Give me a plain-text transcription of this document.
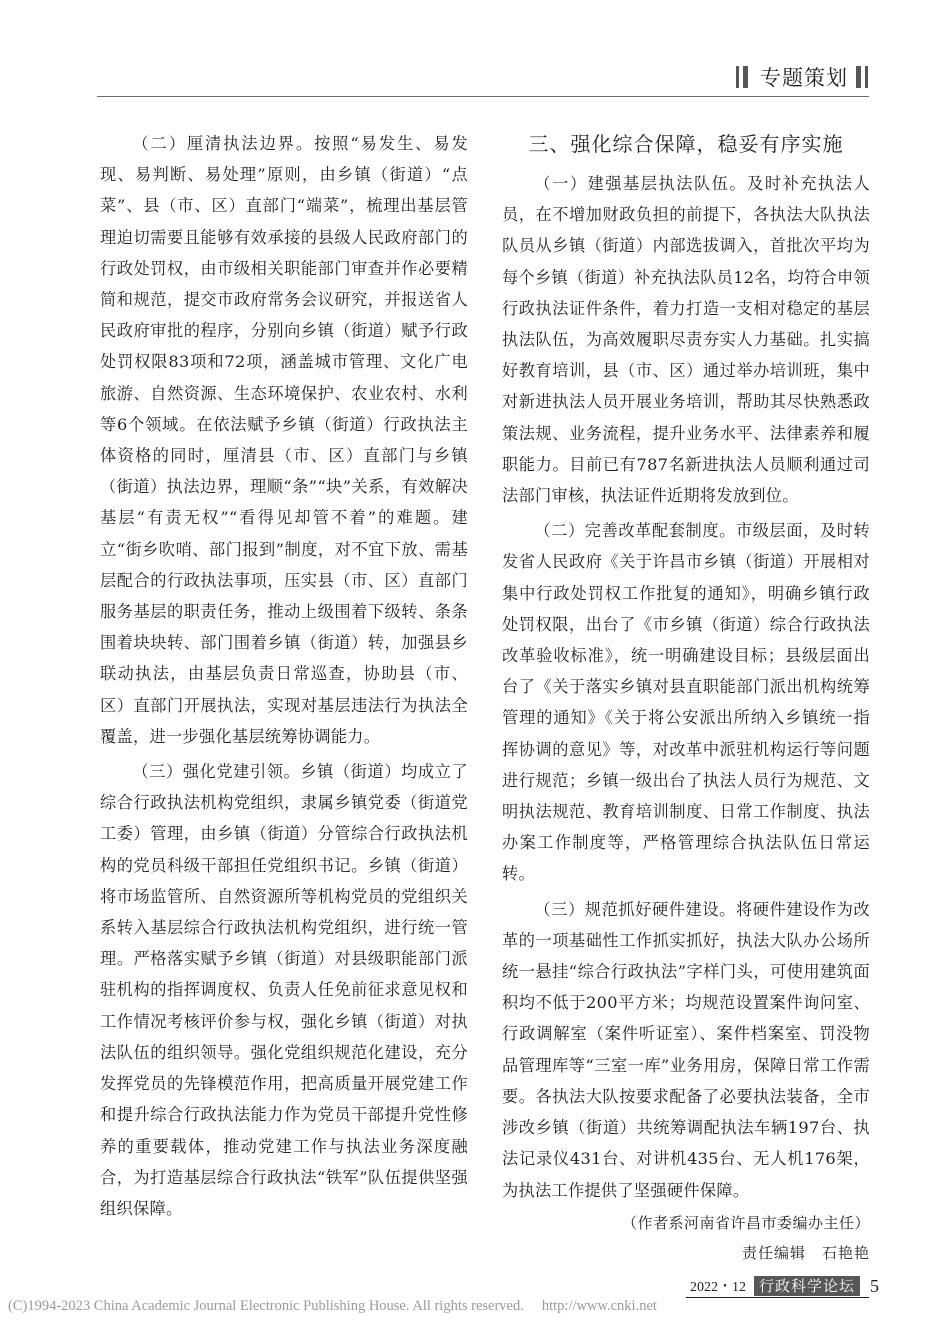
专题策划

（二）厘清执法边界。按照“易发生、易发现、易判断、易处理”原则，由乡镇（街道）“点菜”、县（市、区）直部门“端菜”，梳理出基层管理迫切需要且能够有效承接的县级人民政府部门的行政处罚权，由市级相关职能部门审查并作必要精简和规范，提交市政府常务会议研究，并报送省人民政府审批的程序，分别向乡镇（街道）赋予行政处罚权限83项和72项，涵盖城市管理、文化广电旅游、自然资源、生态环境保护、农业农村、水利等6个领域。在依法赋予乡镇（街道）行政执法主体资格的同时，厘清县（市、区）直部门与乡镇（街道）执法边界，理顺“条”“块”关系，有效解决基层“有责无权”“看得见却管不着”的难题。建立“街乡吹哨、部门报到”制度，对不宜下放、需基层配合的行政执法事项，压实县（市、区）直部门服务基层的职责任务，推动上级围着下级转、条条围着块块转、部门围着乡镇（街道）转，加强县乡联动执法，由基层负责日常巡查，协助县（市、区）直部门开展执法，实现对基层违法行为执法全覆盖，进一步强化基层统筹协调能力。

（三）强化党建引领。乡镇（街道）均成立了综合行政执法机构党组织，隶属乡镇党委（街道党工委）管理，由乡镇（街道）分管综合行政执法机构的党员科级干部担任党组织书记。乡镇（街道）将市场监管所、自然资源所等机构党员的党组织关系转入基层综合行政执法机构党组织，进行统一管理。严格落实赋予乡镇（街道）对县级职能部门派驻机构的指挥调度权、负责人任免前征求意见权和工作情况考核评价参与权，强化乡镇（街道）对执法队伍的组织领导。强化党组织规范化建设，充分发挥党员的先锋模范作用，把高质量开展党建工作和提升综合行政执法能力作为党员干部提升党性修养的重要载体，推动党建工作与执法业务深度融合，为打造基层综合行政执法“铁军”队伍提供坚强组织保障。

三、强化综合保障，稳妥有序实施

（一）建强基层执法队伍。及时补充执法人员，在不增加财政负担的前提下，各执法大队执法队员从乡镇（街道）内部选拔调入，首批次平均为每个乡镇（街道）补充执法队员12名，均符合申领行政执法证件条件，着力打造一支相对稳定的基层执法队伍，为高效履职尽责夯实人力基础。扎实搞好教育培训，县（市、区）通过举办培训班，集中对新进执法人员开展业务培训，帮助其尽快熟悉政策法规、业务流程，提升业务水平、法律素养和履职能力。目前已有787名新进执法人员顺利通过司法部门审核，执法证件近期将发放到位。

（二）完善改革配套制度。市级层面，及时转发省人民政府《关于许昌市乡镇（街道）开展相对集中行政处罚权工作批复的通知》，明确乡镇行政处罚权限，出台了《市乡镇（街道）综合行政执法改革验收标准》，统一明确建设目标；县级层面出台了《关于落实乡镇对县直职能部门派出机构统筹管理的通知》《关于将公安派出所纳入乡镇统一指挥协调的意见》等，对改革中派驻机构运行等问题进行规范；乡镇一级出台了执法人员行为规范、文明执法规范、教育培训制度、日常工作制度、执法办案工作制度等，严格管理综合执法队伍日常运转。

（三）规范抓好硬件建设。将硬件建设作为改革的一项基础性工作抓实抓好，执法大队办公场所统一悬挂“综合行政执法”字样门头，可使用建筑面积均不低于200平方米；均规范设置案件询问室、行政调解室（案件听证室）、案件档案室、罚没物品管理库等“三室一库”业务用房，保障日常工作需要。各执法大队按要求配备了必要执法装备，全市涉改乡镇（街道）共统筹调配执法车辆197台、执法记录仪431台、对讲机435台、无人机176架，为执法工作提供了坚强硬件保障。

（作者系河南省许昌市委编办主任）
责任编辑　石艳艳
2022・12 行政科学论坛 5
(C)1994-2023 China Academic Journal Electronic Publishing House. All rights reserved. http://www.cnki.net
